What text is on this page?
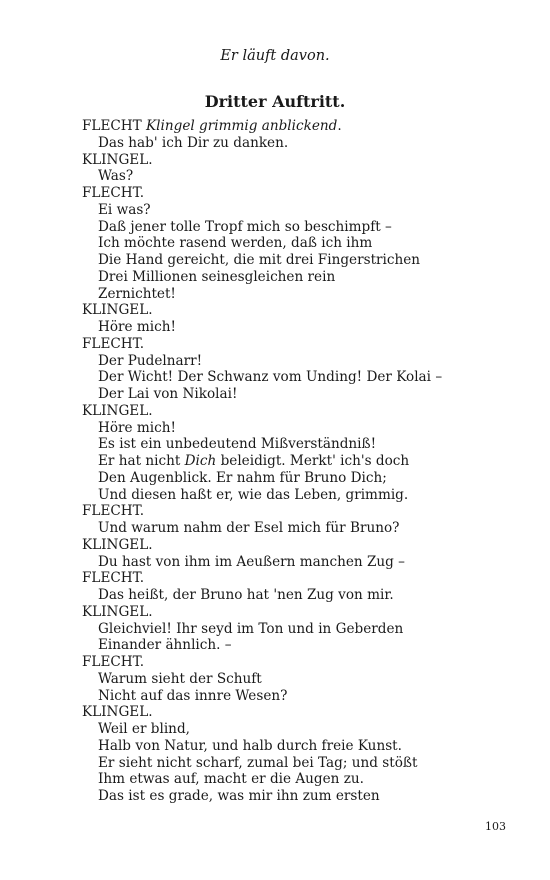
Er läuft davon.
Dritter Auftritt.
FLECHT Klingel grimmig anblickend.
Das hab' ich Dir zu danken.
KLINGEL.
Was?
FLECHT.
Ei was?
Daß jener tolle Tropf mich so beschimpft –
Ich möchte rasend werden, daß ich ihm
Die Hand gereicht, die mit drei Fingerstrichen
Drei Millionen seinesgleichen rein
Zernichtet!
KLINGEL.
Höre mich!
FLECHT.
Der Pudelnarr!
Der Wicht! Der Schwanz vom Unding! Der Kolai –
Der Lai von Nikolai!
KLINGEL.
Höre mich!
Es ist ein unbedeutend Mißverständniß!
Er hat nicht Dich beleidigt. Merkt' ich's doch
Den Augenblick. Er nahm für Bruno Dich;
Und diesen haßt er, wie das Leben, grimmig.
FLECHT.
Und warum nahm der Esel mich für Bruno?
KLINGEL.
Du hast von ihm im Aeußern manchen Zug –
FLECHT.
Das heißt, der Bruno hat 'nen Zug von mir.
KLINGEL.
Gleichviel! Ihr seyd im Ton und in Geberden
Einander ähnlich. –
FLECHT.
Warum sieht der Schuft
Nicht auf das innre Wesen?
KLINGEL.
Weil er blind,
Halb von Natur, und halb durch freie Kunst.
Er sieht nicht scharf, zumal bei Tag; und stößt
Ihm etwas auf, macht er die Augen zu.
Das ist es grade, was mir ihn zum ersten
103
